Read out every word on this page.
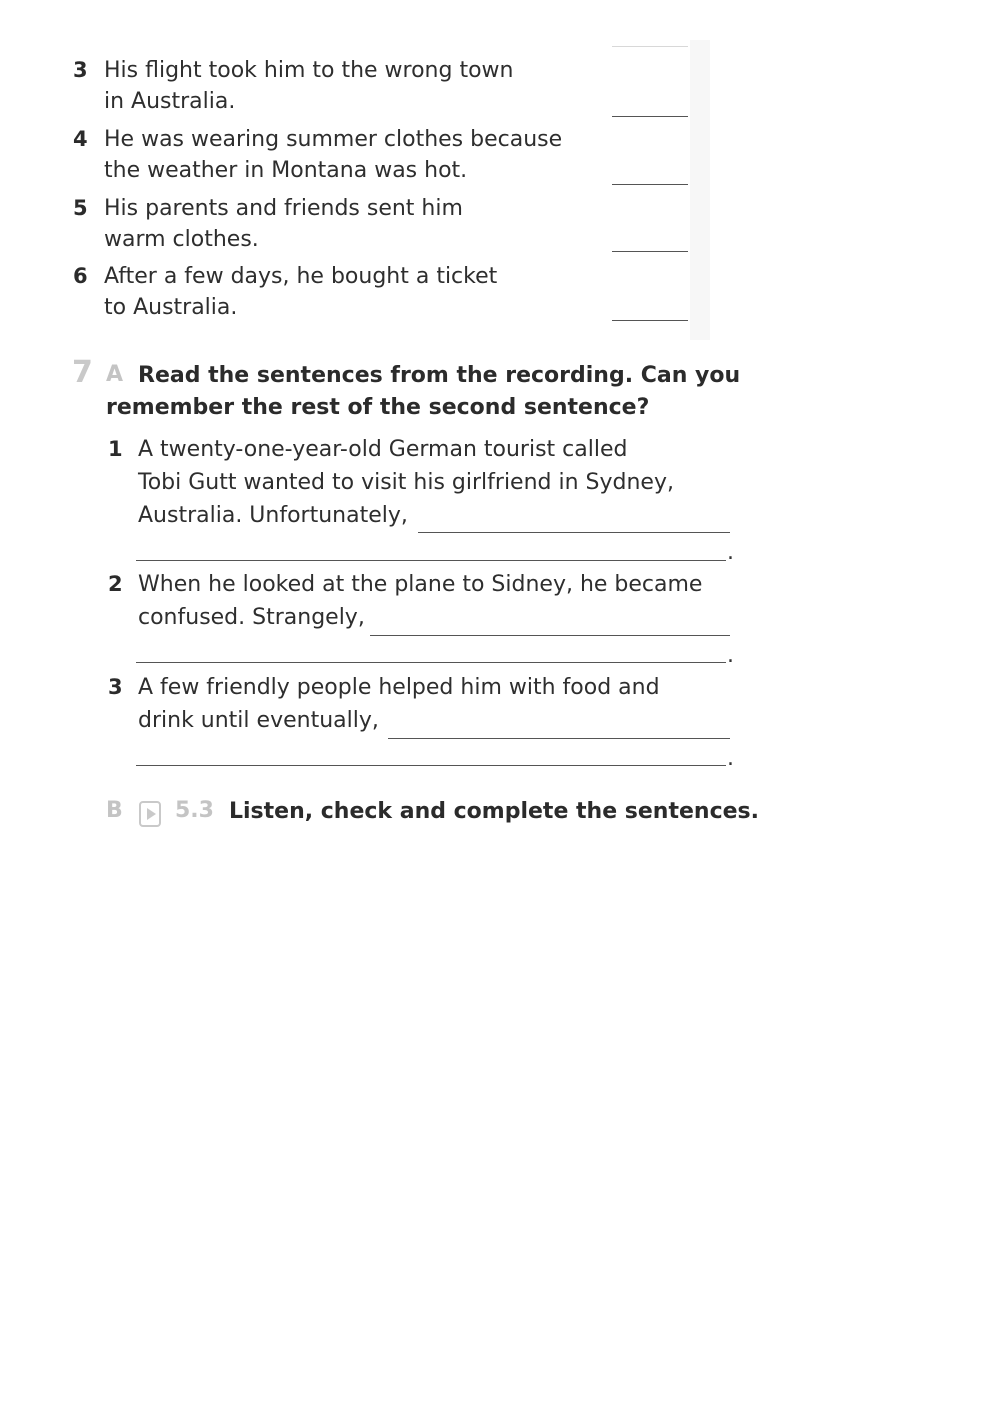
3 His flight took him to the wrong town
in Australia.
4 He was wearing summer clothes because
the weather in Montana was hot.
5 His parents and friends sent him
warm clothes.
6 After a few days, he bought a ticket
to Australia.
7 A Read the sentences from the recording. Can you
remember the rest of the second sentence?
1 A twenty-one-year-old German tourist called
Tobi Gutt wanted to visit his girlfriend in Sydney,
Australia. Unfortunately,
.
2 When he looked at the plane to Sidney, he became
confused. Strangely,
.
3 A few friendly people helped him with food and
drink until eventually,
.
B 5.3 Listen, check and complete the sentences.
